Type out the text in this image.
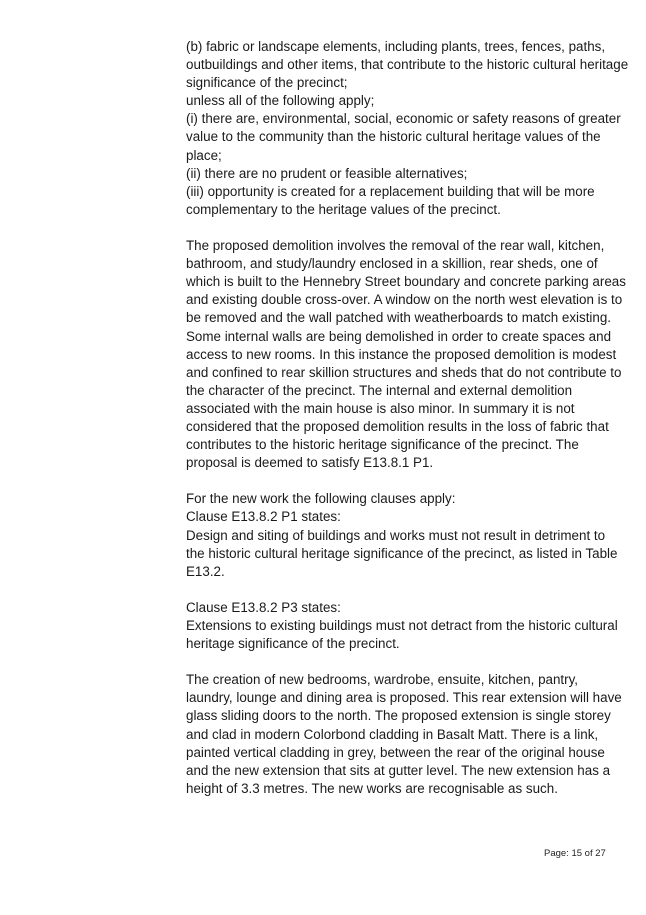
(b) fabric or landscape elements, including plants, trees, fences, paths,

outbuildings and other items, that contribute to the historic cultural heritage

significance of the precinct;

unless all of the following apply;

(i) there are, environmental, social, economic or safety reasons of greater

value to the community than the historic cultural heritage values of the

place;

(ii) there are no prudent or feasible alternatives;

(iii) opportunity is created for a replacement building that will be more

complementary to the heritage values of the precinct.

The proposed demolition involves the removal of the rear wall, kitchen,

bathroom, and study/laundry enclosed in a skillion, rear sheds, one of

which is built to the Hennebry Street boundary and concrete parking areas

and existing double cross-over. A window on the north west elevation is to

be removed and the wall patched with weatherboards to match existing.

Some internal walls are being demolished in order to create spaces and

access to new rooms. In this instance the proposed demolition is modest

and confined to rear skillion structures and sheds that do not contribute to

the character of the precinct. The internal and external demolition

associated with the main house is also minor. In summary it is not

considered that the proposed demolition results in the loss of fabric that

contributes to the historic heritage significance of the precinct. The

proposal is deemed to satisfy E13.8.1 P1.

For the new work the following clauses apply:

Clause E13.8.2 P1 states:

Design and siting of buildings and works must not result in detriment to

the historic cultural heritage significance of the precinct, as listed in Table

E13.2.

Clause E13.8.2 P3 states:

Extensions to existing buildings must not detract from the historic cultural

heritage significance of the precinct.

The creation of new bedrooms, wardrobe, ensuite, kitchen, pantry,

laundry, lounge and dining area is proposed. This rear extension will have

glass sliding doors to the north. The proposed extension is single storey

and clad in modern Colorbond cladding in Basalt Matt. There is a link,

painted vertical cladding in grey, between the rear of the original house

and the new extension that sits at gutter level. The new extension has a

height of 3.3 metres. The new works are recognisable as such.

Page: 15 of 27
